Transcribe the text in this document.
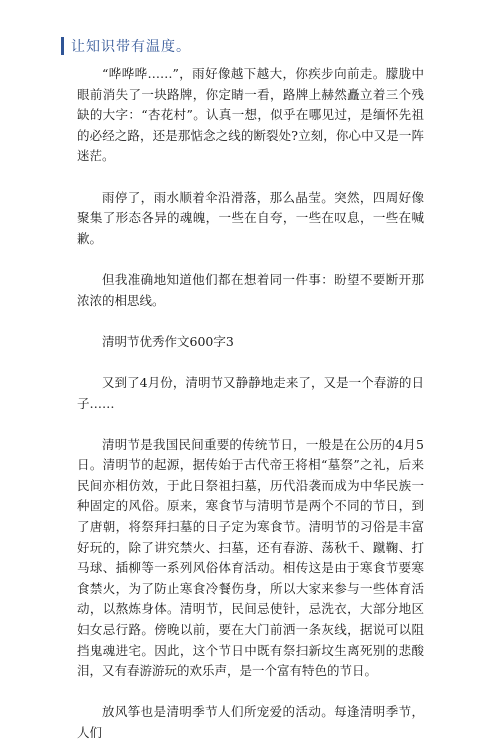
让知识带有温度。

“哗哗哗……”，雨好像越下越大，你疾步向前走。朦胧中眼前消失了一块路牌，你定睛一看，路牌上赫然矗立着三个残缺的大字：“杏花村”。认真一想，似乎在哪见过，是缅怀先祖的必经之路，还是那惦念之线的断裂处?立刻，你心中又是一阵迷茫。

雨停了，雨水顺着伞沿滑落，那么晶莹。突然，四周好像聚集了形态各异的魂魄，一些在自夸，一些在叹息，一些在喊歉。

但我准确地知道他们都在想着同一件事：盼望不要断开那浓浓的相思线。

清明节优秀作文600字3

又到了4月份，清明节又静静地走来了，又是一个春游的日子……

清明节是我国民间重要的传统节日，一般是在公历的4月5日。清明节的起源，据传始于古代帝王将相“墓祭”之礼，后来民间亦相仿效，于此日祭祖扫墓，历代沿袭而成为中华民族一种固定的风俗。原来，寒食节与清明节是两个不同的节日，到了唐朝，将祭拜扫墓的日子定为寒食节。清明节的习俗是丰富好玩的，除了讲究禁火、扫墓，还有春游、荡秋千、蹴鞠、打马球、插柳等一系列风俗体育活动。相传这是由于寒食节要寒食禁火，为了防止寒食冷餐伤身，所以大家来参与一些体育活动，以熬炼身体。清明节，民间忌使针，忌洗衣，大部分地区妇女忌行路。傍晚以前，要在大门前洒一条灰线，据说可以阻挡鬼魂进宅。因此，这个节日中既有祭扫新坟生离死别的悲酸泪，又有春游游玩的欢乐声，是一个富有特色的节日。

放风筝也是清明季节人们所宠爱的活动。每逢清明季节，人们
